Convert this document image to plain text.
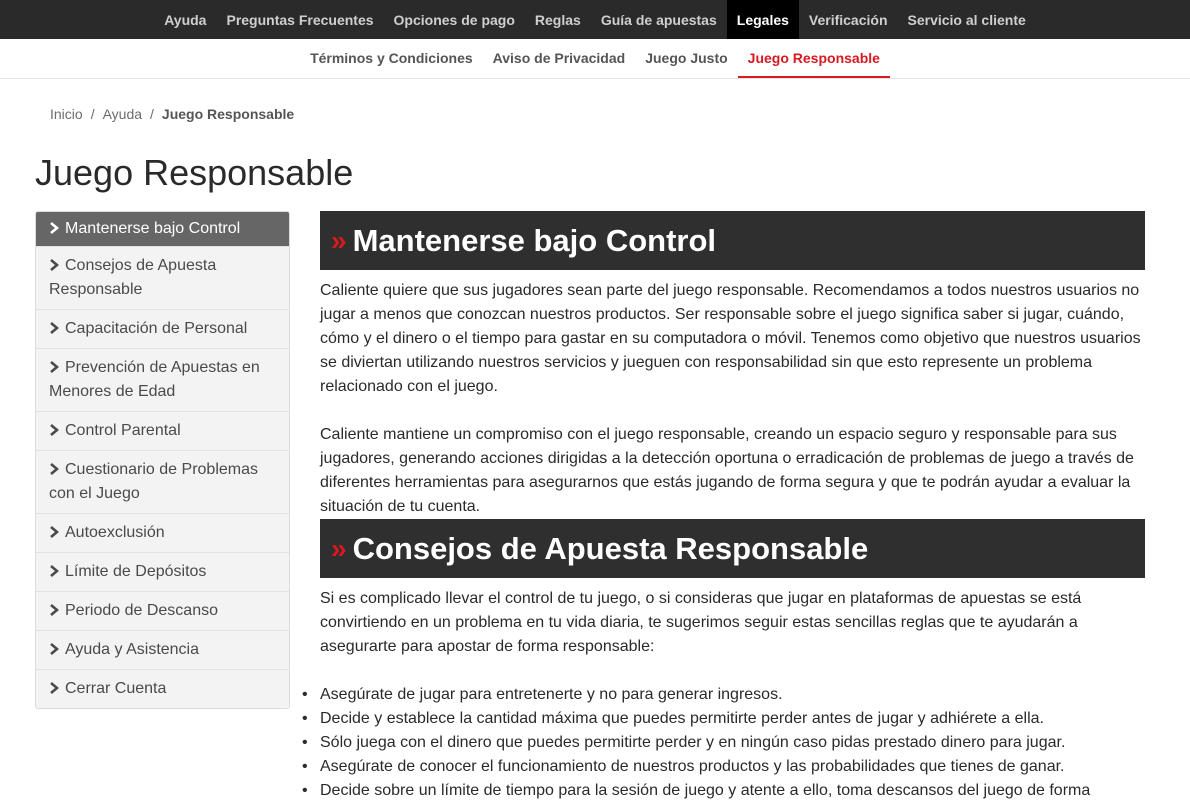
Ayuda	Preguntas Frecuentes	Opciones de pago	Reglas	Guía de apuestas	Legales	Verificación	Servicio al cliente
Términos y Condiciones	Aviso de Privacidad	Juego Justo	Juego Responsable
Inicio / Ayuda / Juego Responsable
Juego Responsable
Mantenerse bajo Control
Consejos de Apuesta Responsable
Capacitación de Personal
Prevención de Apuestas en Menores de Edad
Control Parental
Cuestionario de Problemas con el Juego
Autoexclusión
Límite de Depósitos
Periodo de Descanso
Ayuda y Asistencia
Cerrar Cuenta
» Mantenerse bajo Control

Caliente quiere que sus jugadores sean parte del juego responsable. Recomendamos a todos nuestros usuarios no jugar a menos que conozcan nuestros productos. Ser responsable sobre el juego significa saber si jugar, cuándo, cómo y el dinero o el tiempo para gastar en su computadora o móvil. Tenemos como objetivo que nuestros usuarios se diviertan utilizando nuestros servicios y jueguen con responsabilidad sin que esto represente un problema relacionado con el juego.

Caliente mantiene un compromiso con el juego responsable, creando un espacio seguro y responsable para sus jugadores, generando acciones dirigidas a la detección oportuna o erradicación de problemas de juego a través de diferentes herramientas para asegurarnos que estás jugando de forma segura y que te podrán ayudar a evaluar la situación de tu cuenta.

» Consejos de Apuesta Responsable

Si es complicado llevar el control de tu juego, o si consideras que jugar en plataformas de apuestas se está convirtiendo en un problema en tu vida diaria, te sugerimos seguir estas sencillas reglas que te ayudarán a asegurarte para apostar de forma responsable:

• Asegúrate de jugar para entretenerte y no para generar ingresos.
• Decide y establece la cantidad máxima que puedes permitirte perder antes de jugar y adhiérete a ella.
• Sólo juega con el dinero que puedes permitirte perder y en ningún caso pidas prestado dinero para jugar.
• Asegúrate de conocer el funcionamiento de nuestros productos y las probabilidades que tienes de ganar.
• Decide sobre un límite de tiempo para la sesión de juego y atente a ello, toma descansos del juego de forma
